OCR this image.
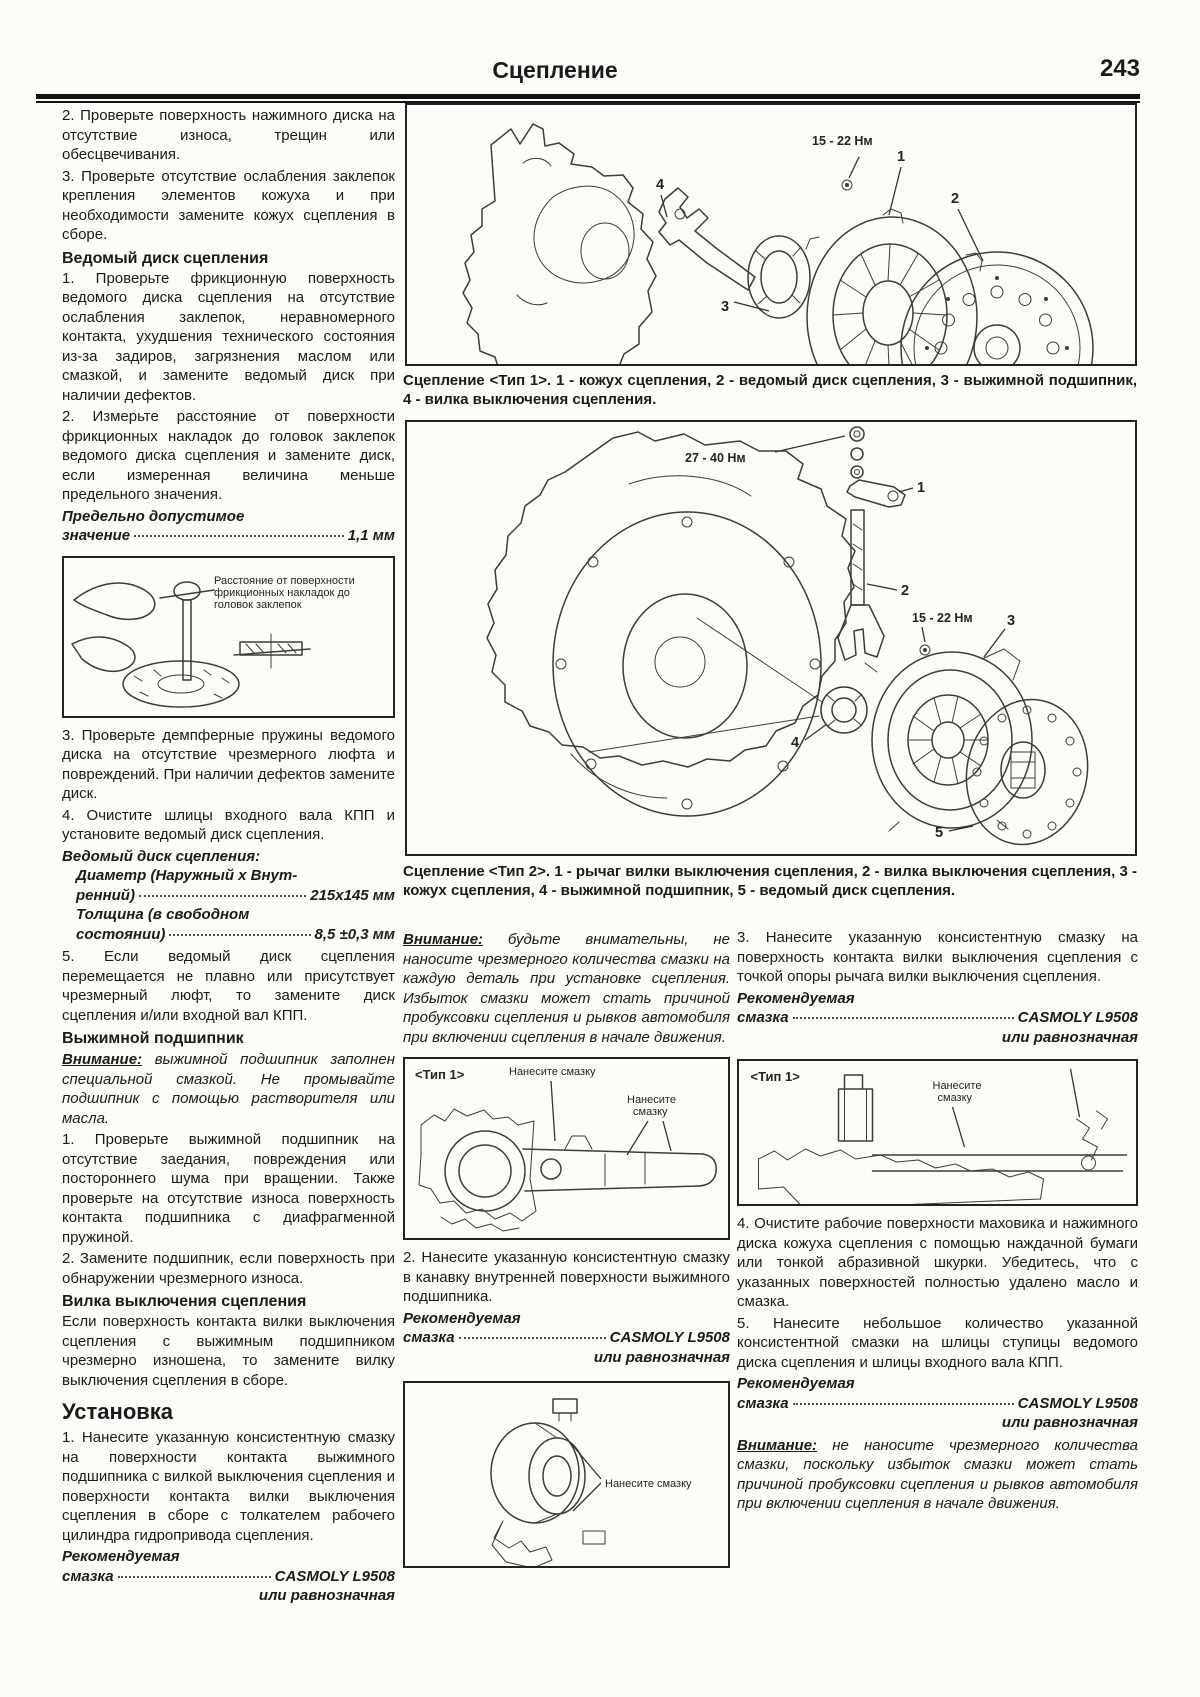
Сцепление	243

2. Проверьте поверхность нажимного диска на отсутствие износа, трещин или обесцвечивания.

3. Проверьте отсутствие ослабления заклепок крепления элементов кожуха и при необходимости замените кожух сцепления в сборе.

Ведомый диск сцепления

1. Проверьте фрикционную поверхность ведомого диска сцепления на отсутствие ослабления заклепок, неравномерного контакта, ухудшения технического состояния из-за задиров, загрязнения маслом или смазкой, и замените ведомый диск при наличии дефектов.

2. Измерьте расстояние от поверхности фрикционных накладок до головок заклепок ведомого диска сцепления и замените диск, если измеренная величина меньше предельного значения.

Предельно допустимое
значение	1,1 мм
Расстояние от поверхности
фрикционных накладок до
головок заклепок

3. Проверьте демпферные пружины ведомого диска на отсутствие чрезмерного люфта и повреждений. При наличии дефектов замените диск.

4. Очистите шлицы входного вала КПП и установите ведомый диск сцепления.

Ведомый диск сцепления:
Диаметр (Наружный х Внут-
ренний)	215х145 мм
Толщина (в свободном
состоянии)	8,5 ±0,3 мм

5. Если ведомый диск сцепления перемещается не плавно или присутствует чрезмерный люфт, то замените диск сцепления и/или входной вал КПП.

Выжимной подшипник

Внимание: выжимной подшипник заполнен специальной смазкой. Не промывайте подшипник с помощью растворителя или масла.

1. Проверьте выжимной подшипник на отсутствие заедания, повреждения или постороннего шума при вращении. Также проверьте на отсутствие износа поверхность контакта подшипника с диафрагменной пружиной.

2. Замените подшипник, если поверхность при обнаружении чрезмерного износа.

Вилка выключения сцепления

Если поверхность контакта вилки выключения сцепления с выжимным подшипником чрезмерно изношена, то замените вилку выключения сцепления в сборе.

Установка

1. Нанесите указанную консистентную смазку на поверхности контакта выжимного подшипника с вилкой выключения сцепления и поверхности контакта вилки выключения сцепления в сборе с толкателем рабочего цилиндра гидропривода сцепления.

Рекомендуемая
смазка	CASMOLY L9508
или равнозначная
15 - 22 Нм
4
3
1
2
Сцепление <Тип 1>. 1 - кожух сцепления, 2 - ведомый диск сцепления, 3 - выжимной подшипник, 4 - вилка выключения сцепления.
27 - 40 Нм
1
2
15 - 22 Нм 3
4
5
Сцепление <Тип 2>. 1 - рычаг вилки выключения сцепления, 2 - вилка выключения сцепления, 3 - кожух сцепления, 4 - выжимной подшипник, 5 - ведомый диск сцепления.

Внимание: будьте внимательны, не наносите чрезмерного количества смазки на каждую деталь при установке сцепления. Избыток смазки может стать причиной пробуксовки сцепления и рывков автомобиля при включении сцепления в начале движения.

<Тип 1>	Нанесите смазку
Нанесите
смазку

2. Нанесите указанную консистентную смазку в канавку внутренней поверхности выжимного подшипника.

Рекомендуемая
смазка	CASMOLY L9508
или равнозначная
Нанесите смазку

3. Нанесите указанную консистентную смазку на поверхность контакта вилки выключения сцепления с точкой опоры рычага вилки выключения сцепления.

Рекомендуемая
смазка	CASMOLY L9508
или равнозначная
<Тип 1>
Нанесите
смазку

4. Очистите рабочие поверхности маховика и нажимного диска кожуха сцепления с помощью наждачной бумаги или тонкой абразивной шкурки. Убедитесь, что с указанных поверхностей полностью удалено масло и смазка.

5. Нанесите небольшое количество указанной консистентной смазки на шлицы ступицы ведомого диска сцепления и шлицы входного вала КПП.

Рекомендуемая
смазка	CASMOLY L9508
или равнозначная

Внимание: не наносите чрезмерного количества смазки, поскольку избыток смазки может стать причиной пробуксовки сцепления и рывков автомобиля при включении сцепления в начале движения.
